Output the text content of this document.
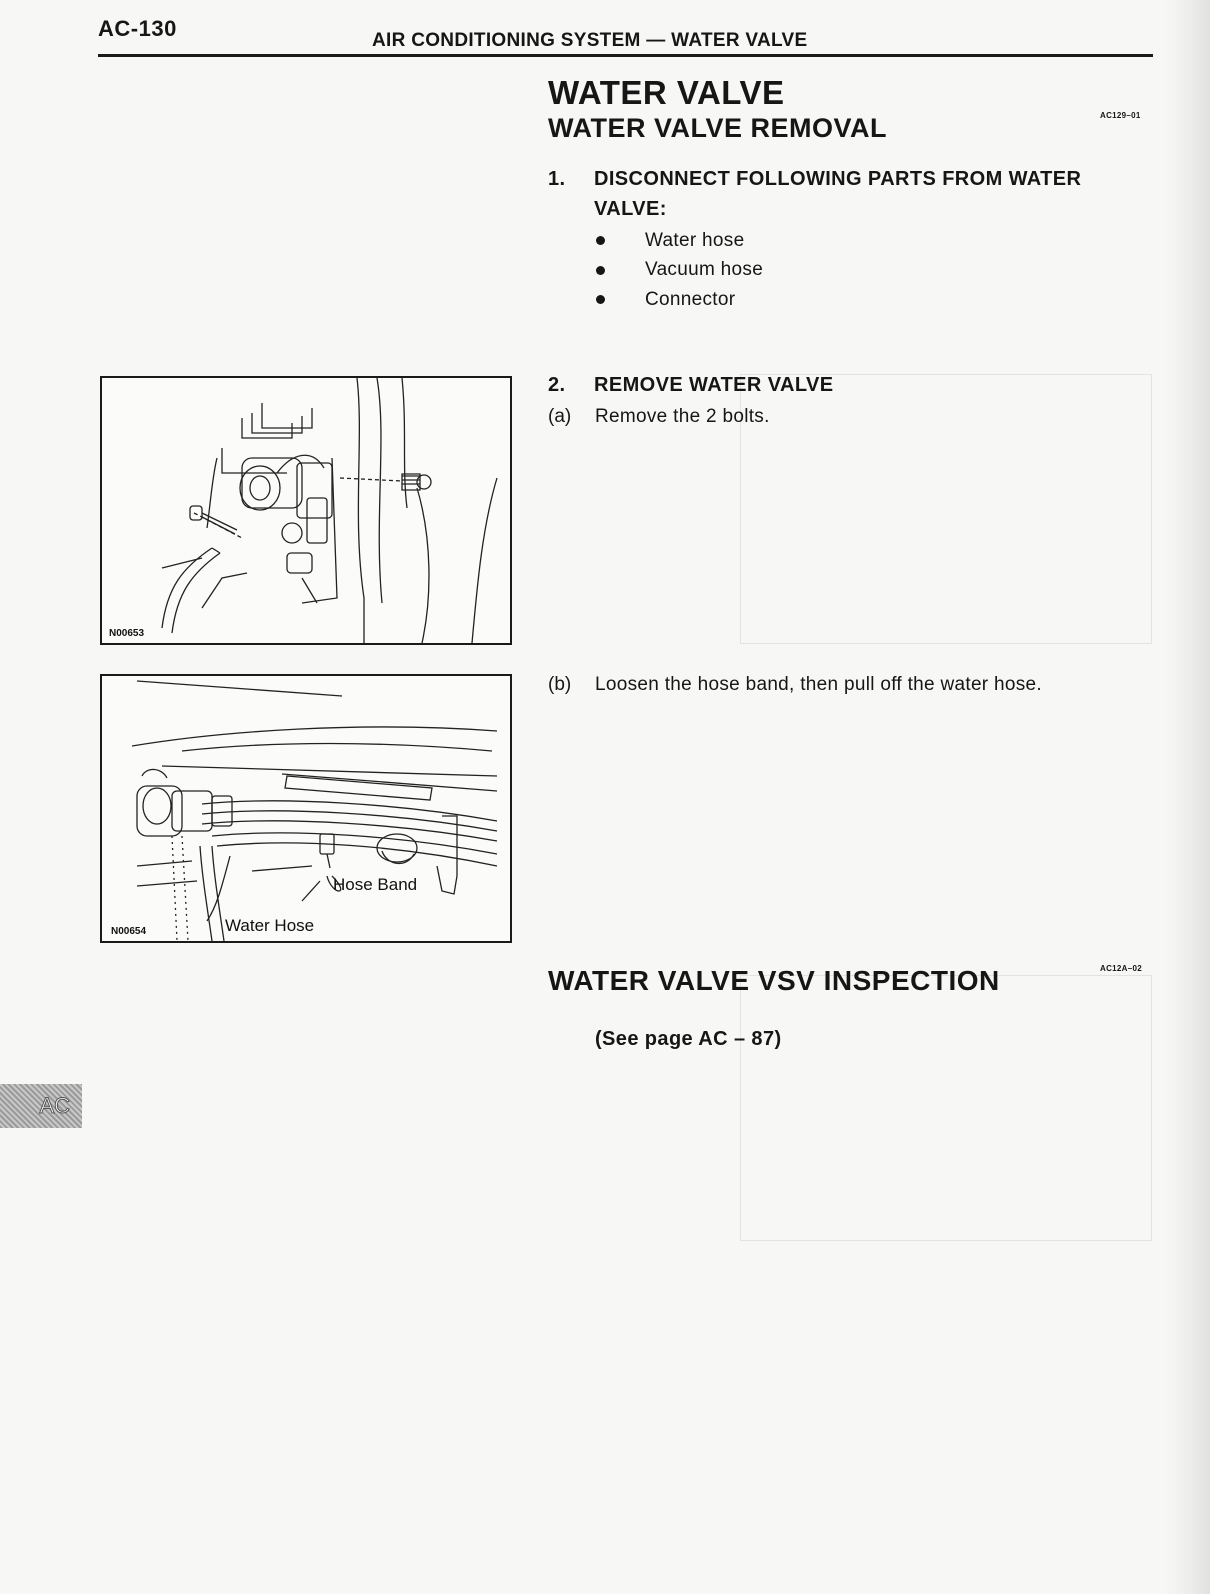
AC-130	AIR CONDITIONING SYSTEM — WATER VALVE
WATER VALVE
AC129–01
WATER VALVE REMOVAL
1. DISCONNECT FOLLOWING PARTS FROM WATER
VALVE:
Water hose
Vacuum hose
Connector
2. REMOVE WATER VALVE
(a) Remove the 2 bolts.
(b) Loosen the hose band, then pull off the water hose.
N00653
Hose Band
Water Hose
N00654
AC12A–02
WATER VALVE VSV INSPECTION
(See page AC – 87)
AC
